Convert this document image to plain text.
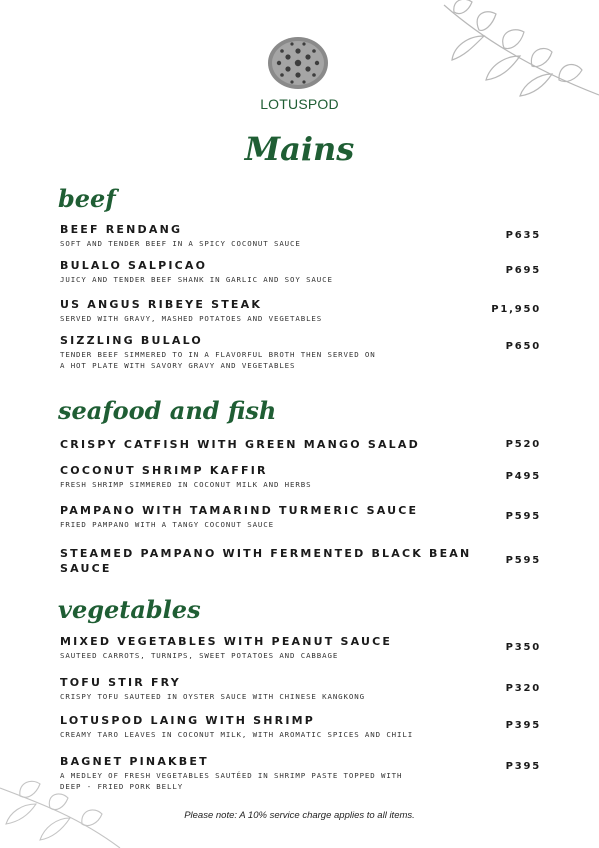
LOTUSPOD
Mains
beef
BEEF RENDANG
SOFT AND TENDER BEEF IN A SPICY COCONUT SAUCE
P635
BULALO SALPICAO
JUICY AND TENDER BEEF SHANK IN GARLIC AND SOY SAUCE
P695
US ANGUS RIBEYE STEAK
SERVED WITH GRAVY, MASHED POTATOES AND VEGETABLES
P1,950
SIZZLING BULALO
TENDER BEEF SIMMERED TO IN A FLAVORFUL BROTH THEN SERVED ON
A HOT PLATE WITH SAVORY GRAVY AND VEGETABLES
P650
seafood and fish
CRISPY CATFISH WITH GREEN MANGO SALAD	P520
COCONUT SHRIMP KAFFIR
FRESH SHRIMP SIMMERED IN COCONUT MILK AND HERBS
P495
PAMPANO WITH TAMARIND TURMERIC SAUCE
FRIED PAMPANO WITH A TANGY COCONUT SAUCE
P595
STEAMED PAMPANO WITH FERMENTED BLACK BEAN
SAUCE
P595
vegetables
MIXED VEGETABLES WITH PEANUT SAUCE
SAUTEED CARROTS, TURNIPS, SWEET POTATOES AND CABBAGE
P350
TOFU STIR FRY
CRISPY TOFU SAUTEED IN OYSTER SAUCE WITH CHINESE KANGKONG
P320
LOTUSPOD LAING WITH SHRIMP
CREAMY TARO LEAVES IN COCONUT MILK, WITH AROMATIC SPICES AND CHILI
P395
BAGNET PINAKBET
A MEDLEY OF FRESH VEGETABLES SAUTÉED IN SHRIMP PASTE TOPPED WITH
DEEP - FRIED PORK BELLY
P395
Please note: A 10% service charge applies to all items.
